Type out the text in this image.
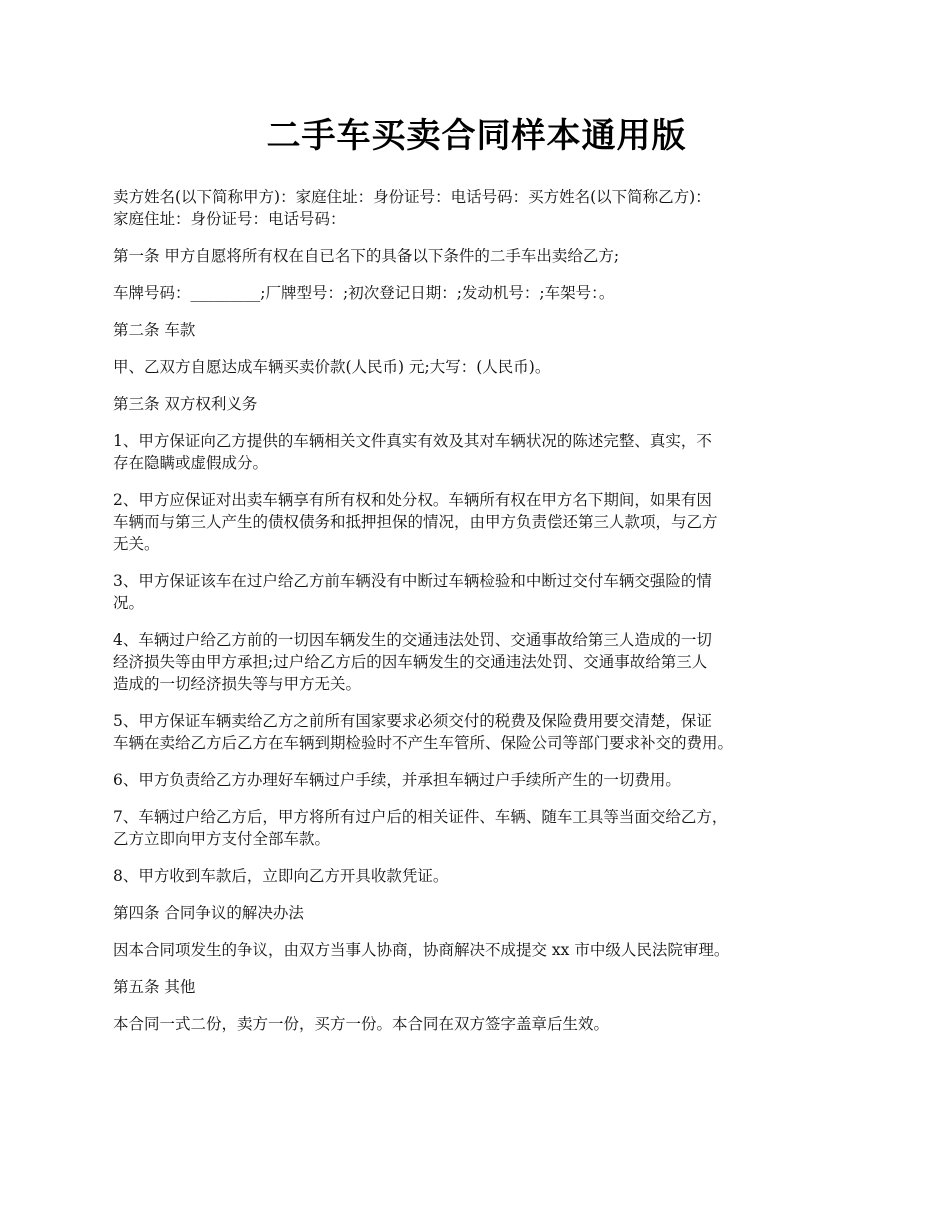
二手车买卖合同样本通用版

卖方姓名(以下简称甲方)：家庭住址：身份证号：电话号码：买方姓名(以下简称乙方)：
家庭住址：身份证号：电话号码：

第一条 甲方自愿将所有权在自已名下的具备以下条件的二手车出卖给乙方;

车牌号码：_________;厂牌型号：;初次登记日期：;发动机号：;车架号：。

第二条 车款

甲、乙双方自愿达成车辆买卖价款(人民币) 元;大写：(人民币)。

第三条 双方权利义务

1、甲方保证向乙方提供的车辆相关文件真实有效及其对车辆状况的陈述完整、真实，不
存在隐瞒或虚假成分。

2、甲方应保证对出卖车辆享有所有权和处分权。车辆所有权在甲方名下期间，如果有因
车辆而与第三人产生的债权债务和抵押担保的情况，由甲方负责偿还第三人款项，与乙方
无关。

3、甲方保证该车在过户给乙方前车辆没有中断过车辆检验和中断过交付车辆交强险的情
况。

4、车辆过户给乙方前的一切因车辆发生的交通违法处罚、交通事故给第三人造成的一切
经济损失等由甲方承担;过户给乙方后的因车辆发生的交通违法处罚、交通事故给第三人
造成的一切经济损失等与甲方无关。

5、甲方保证车辆卖给乙方之前所有国家要求必须交付的税费及保险费用要交清楚，保证
车辆在卖给乙方后乙方在车辆到期检验时不产生车管所、保险公司等部门要求补交的费用。

6、甲方负责给乙方办理好车辆过户手续，并承担车辆过户手续所产生的一切费用。

7、车辆过户给乙方后，甲方将所有过户后的相关证件、车辆、随车工具等当面交给乙方，
乙方立即向甲方支付全部车款。

8、甲方收到车款后，立即向乙方开具收款凭证。

第四条 合同争议的解决办法

因本合同项发生的争议，由双方当事人协商，协商解决不成提交 xx 市中级人民法院审理。

第五条 其他

本合同一式二份，卖方一份，买方一份。本合同在双方签字盖章后生效。
